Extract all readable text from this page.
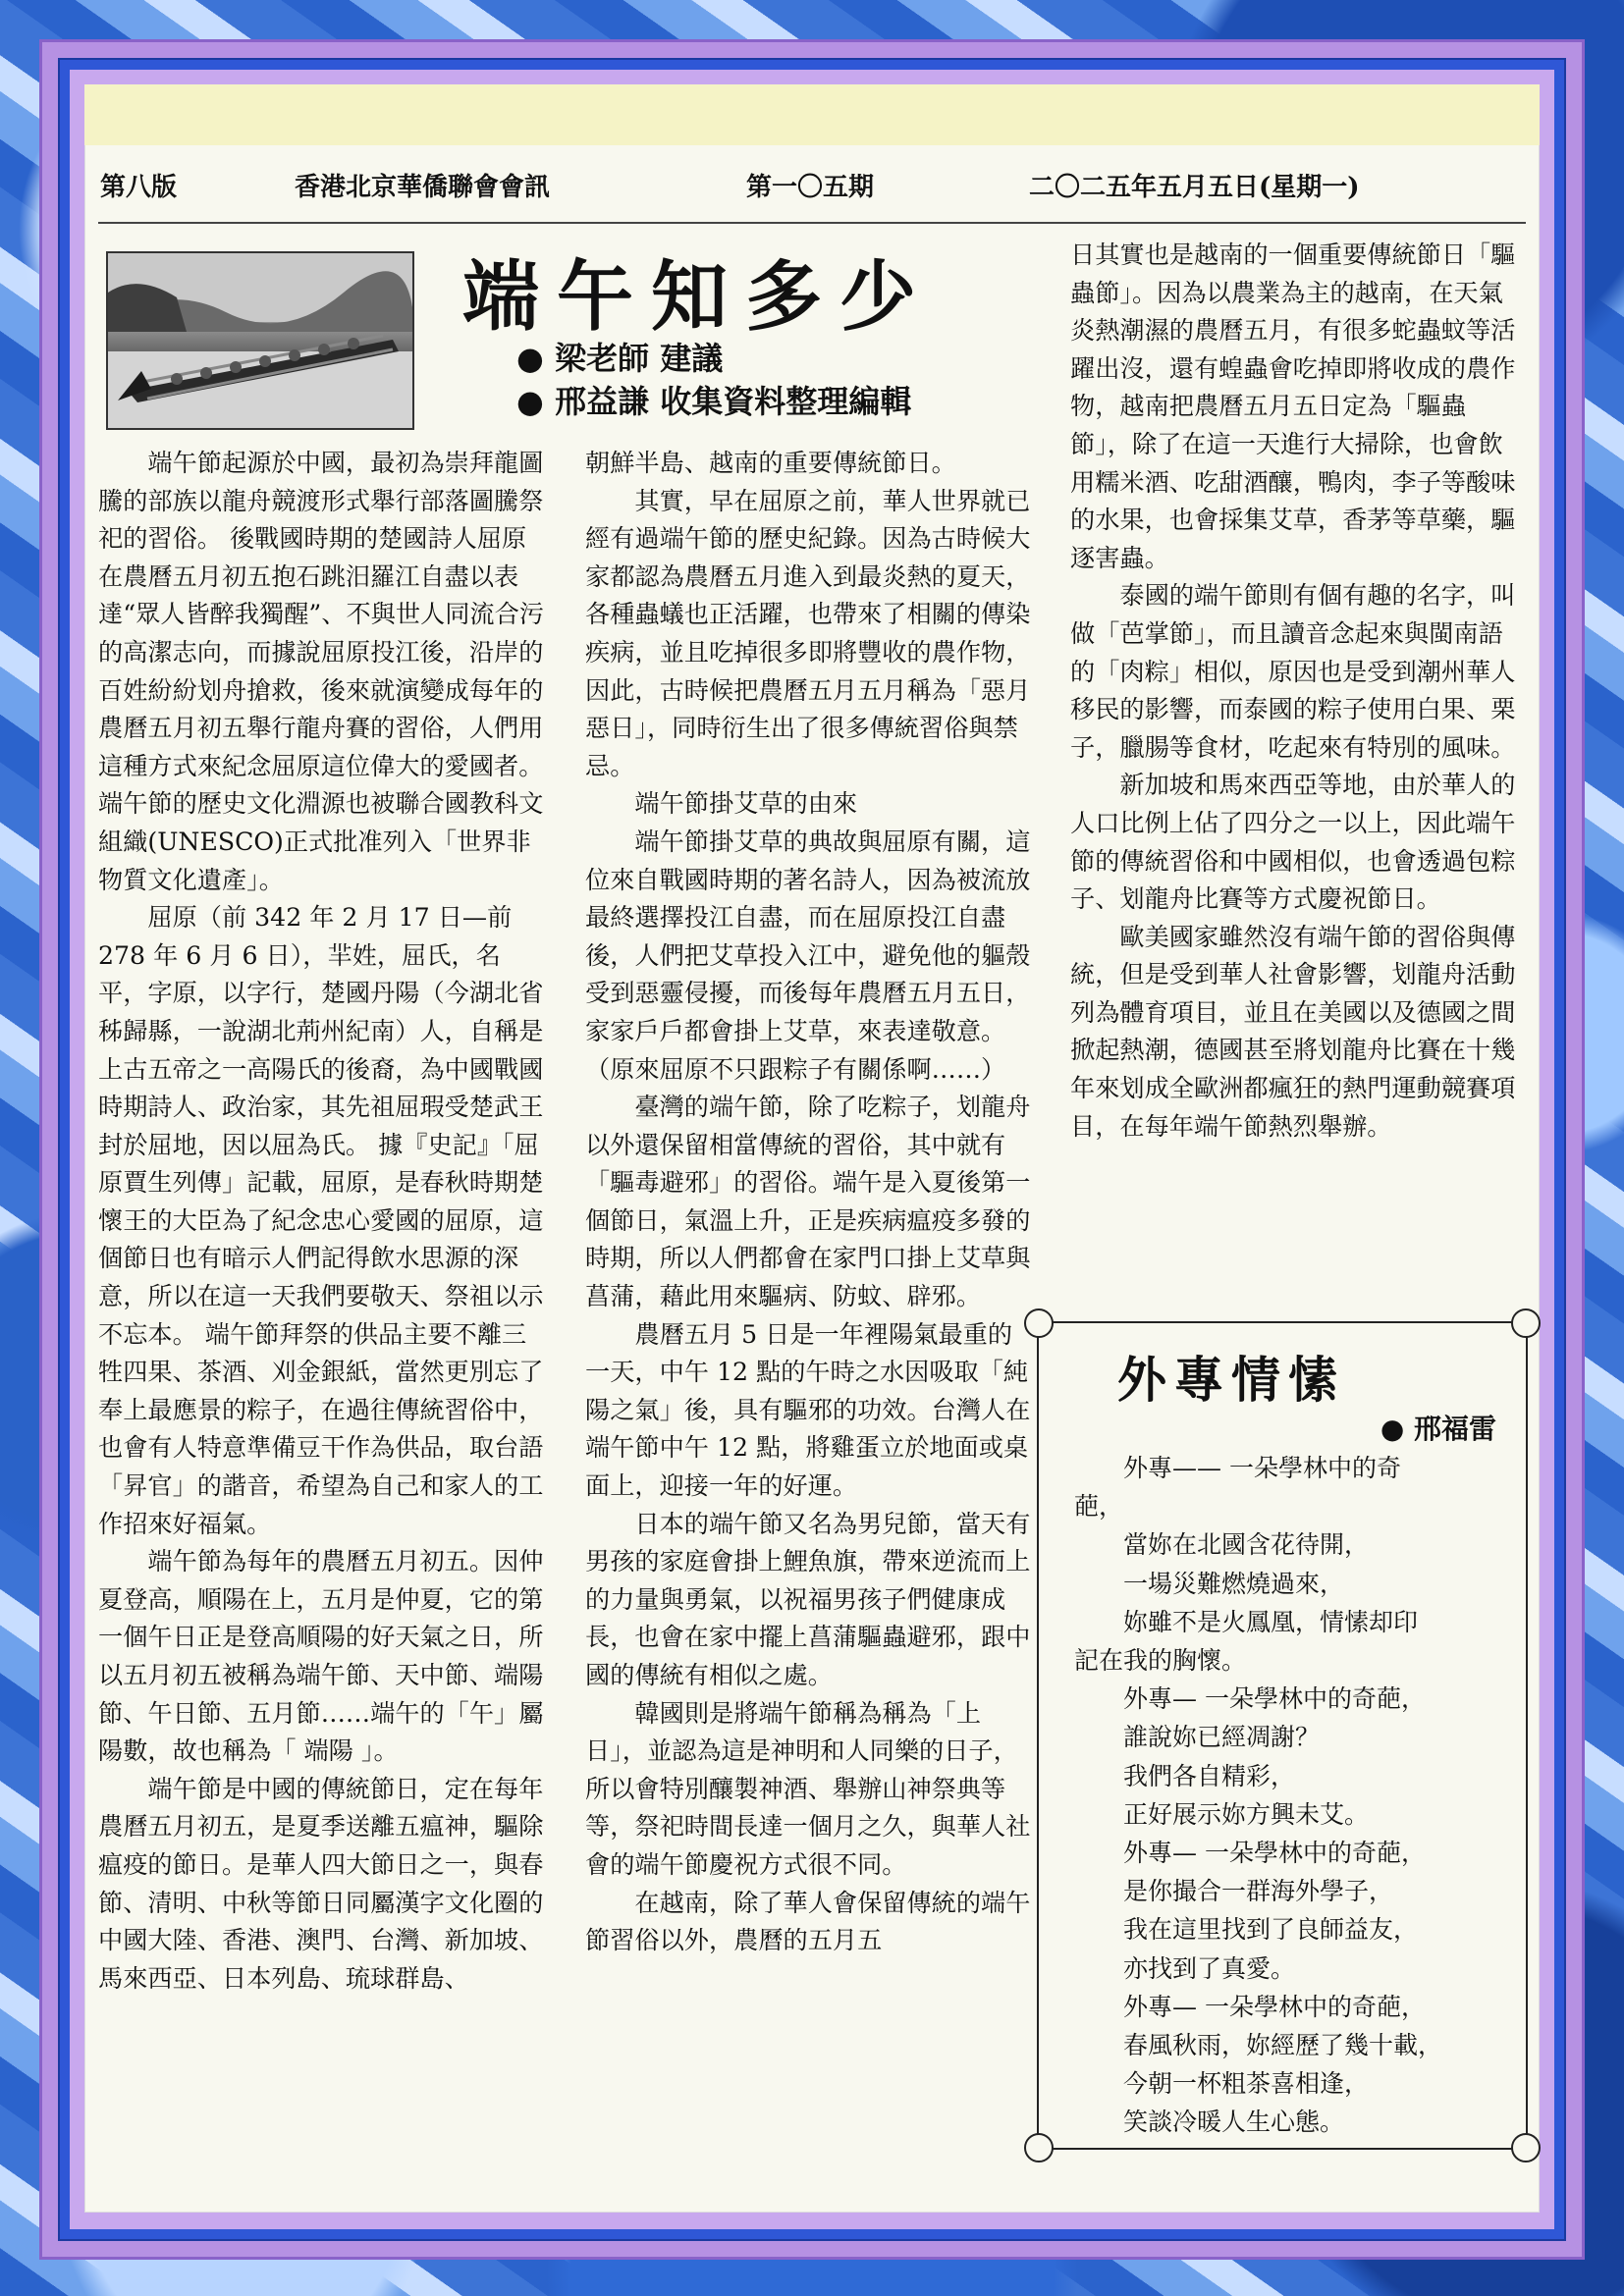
第八版	香港北京華僑聯會會訊	第一〇五期	二〇二五年五月五日(星期一)
端午知多少
● 梁老師 建議
● 邢益謙 收集資料整理編輯

端午節起源於中國，最初為崇拜龍圖騰的部族以龍舟競渡形式舉行部落圖騰祭祀的習俗。 後戰國時期的楚國詩人屈原在農曆五月初五抱石跳汨羅江自盡以表達“眾人皆醉我獨醒”、不與世人同流合污的高潔志向，而據說屈原投江後，沿岸的百姓紛紛划舟搶救，後來就演變成每年的農曆五月初五舉行龍舟賽的習俗，人們用這種方式來紀念屈原這位偉大的愛國者。端午節的歷史文化淵源也被聯合國教科文組織(UNESCO)正式批准列入「世界非物質文化遺產」。

屈原（前 342 年 2 月 17 日—前 278 年 6 月 6 日），羋姓，屈氏，名平，字原，以字行，楚國丹陽（今湖北省秭歸縣，一說湖北荊州紀南）人，自稱是上古五帝之一高陽氏的後裔，為中國戰國時期詩人、政治家，其先祖屈瑕受楚武王封於屈地，因以屈為氏。 據『史記』「屈原賈生列傳」記載，屈原，是春秋時期楚懷王的大臣為了紀念忠心愛國的屈原，這個節日也有暗示人們記得飲水思源的深意，所以在這一天我們要敬天、祭祖以示不忘本。 端午節拜祭的供品主要不離三牲四果、茶酒、刈金銀紙，當然更別忘了奉上最應景的粽子，在過往傳統習俗中，也會有人特意準備豆干作為供品，取台語「昇官」的諧音，希望為自己和家人的工作招來好福氣。

端午節為每年的農曆五月初五。因仲夏登高，順陽在上，五月是仲夏，它的第一個午日正是登高順陽的好天氣之日，所以五月初五被稱為端午節、天中節、端陽節、午日節、五月節……端午的「午」屬陽數，故也稱為「 端陽 」。

端午節是中國的傳統節日，定在每年農曆五月初五，是夏季送離五瘟神，驅除瘟疫的節日。是華人四大節日之一，與春節、清明、中秋等節日同屬漢字文化圈的中國大陸、香港、澳門、台灣、新加坡、馬來西亞、日本列島、琉球群島、

朝鮮半島、越南的重要傳統節日。

其實，早在屈原之前，華人世界就已經有過端午節的歷史紀錄。因為古時候大家都認為農曆五月進入到最炎熱的夏天，各種蟲蟻也正活躍，也帶來了相關的傳染疾病，並且吃掉很多即將豐收的農作物，因此，古時候把農曆五月五月稱為「惡月惡日」，同時衍生出了很多傳統習俗與禁忌。

端午節掛艾草的由來

端午節掛艾草的典故與屈原有關，這位來自戰國時期的著名詩人，因為被流放最終選擇投江自盡，而在屈原投江自盡後，人們把艾草投入江中，避免他的軀殼受到惡靈侵擾，而後每年農曆五月五日，家家戶戶都會掛上艾草，來表達敬意。（原來屈原不只跟粽子有關係啊……）

臺灣的端午節，除了吃粽子，划龍舟以外還保留相當傳統的習俗，其中就有「驅毒避邪」的習俗。端午是入夏後第一個節日，氣溫上升，正是疾病瘟疫多發的時期，所以人們都會在家門口掛上艾草與菖蒲，藉此用來驅病、防蚊、辟邪。

農曆五月 5 日是一年裡陽氣最重的一天，中午 12 點的午時之水因吸取「純陽之氣」後，具有驅邪的功效。台灣人在端午節中午 12 點，將雞蛋立於地面或桌面上，迎接一年的好運。

日本的端午節又名為男兒節，當天有男孩的家庭會掛上鯉魚旗，帶來逆流而上的力量與勇氣，以祝福男孩子們健康成長，也會在家中擺上菖蒲驅蟲避邪，跟中國的傳統有相似之處。

韓國則是將端午節稱為稱為「上日」，並認為這是神明和人同樂的日子，所以會特別釀製神酒、舉辦山神祭典等等，祭祀時間長達一個月之久，與華人社會的端午節慶祝方式很不同。

在越南，除了華人會保留傳統的端午節習俗以外，農曆的五月五

日其實也是越南的一個重要傳統節日「驅蟲節」。因為以農業為主的越南，在天氣炎熱潮濕的農曆五月，有很多蛇蟲蚊等活躍出沒，還有蝗蟲會吃掉即將收成的農作物，越南把農曆五月五日定為「驅蟲節」，除了在這一天進行大掃除，也會飲用糯米酒、吃甜酒釀，鴨肉，李子等酸味的水果，也會採集艾草，香茅等草藥，驅逐害蟲。

泰國的端午節則有個有趣的名字，叫做「芭掌節」，而且讀音念起來與閩南語的「肉粽」相似，原因也是受到潮州華人移民的影響，而泰國的粽子使用白果、栗子，臘腸等食材，吃起來有特別的風味。

新加坡和馬來西亞等地，由於華人的人口比例上佔了四分之一以上，因此端午節的傳統習俗和中國相似，也會透過包粽子、划龍舟比賽等方式慶祝節日。

歐美國家雖然沒有端午節的習俗與傳統，但是受到華人社會影響，划龍舟活動列為體育項目，並且在美國以及德國之間掀起熱潮，德國甚至將划龍舟比賽在十幾年來划成全歐洲都瘋狂的熱門運動競賽項目，在每年端午節熱烈舉辦。

外專情愫
● 邢福雷
　　外專—— 一朵學林中的奇
葩，
　　當妳在北國含花待開，
　　一場災難燃燒過來，
　　妳雖不是火鳳凰，情愫却印
記在我的胸懷。
　　外專— 一朵學林中的奇葩，
　　誰說妳已經凋謝？
　　我們各自精彩，
　　正好展示妳方興未艾。
　　外專— 一朵學林中的奇葩，
　　是你撮合一群海外學子，
　　我在這里找到了良師益友，
　　亦找到了真愛。
　　外專— 一朵學林中的奇葩，
　　春風秋雨，妳經歷了幾十載，
　　今朝一杯粗茶喜相逢，
　　笑談冷暖人生心態。
